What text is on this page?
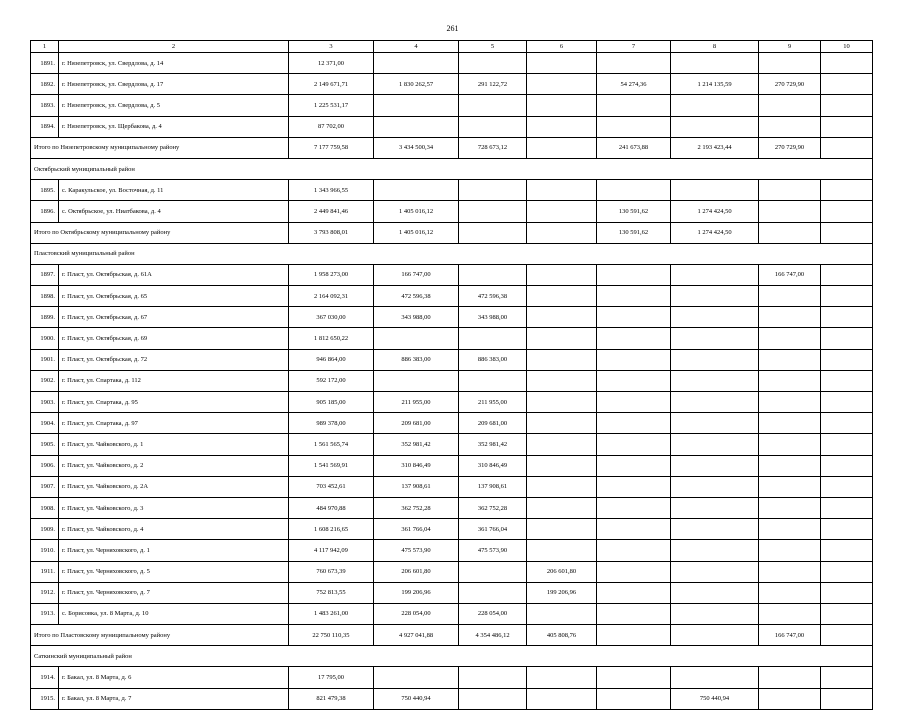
261
1	2	3	4	5	6	7	8	9	10
1891.	г. Нязепетровск, ул. Свердлова, д. 14	12 371,00							
1892.	г. Нязепетровск, ул. Свердлова, д. 17	2 149 671,71	1 830 262,57	291 122,72		54 274,36	1 214 135,59	270 729,90	
1893.	г. Нязепетровск, ул. Свердлова, д. 5	1 225 531,17							
1894.	г. Нязепетровск, ул. Щербакова, д. 4	87 702,00							
Итого по Нязепетровскому муниципальному району		7 177 759,58	3 434 500,34	728 673,12		241 673,88	2 193 423,44	270 729,90	
Октябрьский муниципальный район									
1895.	с. Каракульское, ул. Восточная, д. 11	1 343 966,55							
1896.	с. Октябрьское, ул. Ниатбакова, д. 4	2 449 841,46	1 405 016,12			130 591,62	1 274 424,50		
Итого по Октябрьскому муниципальному району		3 793 808,01	1 405 016,12			130 591,62	1 274 424,50		
Пластовский муниципальный район									
1897.	г. Пласт, ул. Октябрьская, д. 61А	1 958 273,00	166 747,00					166 747,00	
1898.	г. Пласт, ул. Октябрьская, д. 65	2 164 092,31	472 596,38	472 596,38					
1899.	г. Пласт, ул. Октябрьская, д. 67	367 030,00	343 988,00	343 988,00					
1900.	г. Пласт, ул. Октябрьская, д. 69	1 812 650,22							
1901.	г. Пласт, ул. Октябрьская, д. 72	946 864,00	886 383,00	886 383,00					
1902.	г. Пласт, ул. Спартака, д. 112	592 172,00							
1903.	г. Пласт, ул. Спартака, д. 95	905 185,00	211 955,00	211 955,00					
1904.	г. Пласт, ул. Спартака, д. 97	989 378,00	209 681,00	209 681,00					
1905.	г. Пласт, ул. Чайковского, д. 1	1 561 565,74	352 981,42	352 981,42					
1906.	г. Пласт, ул. Чайковского, д. 2	1 541 569,91	310 846,49	310 846,49					
1907.	г. Пласт, ул. Чайковского, д. 2А	703 452,61	137 908,61	137 908,61					
1908.	г. Пласт, ул. Чайковского, д. 3	484 970,88	362 752,28	362 752,28					
1909.	г. Пласт, ул. Чайковского, д. 4	1 608 216,65	361 766,04	361 766,04					
1910.	г. Пласт, ул. Черняховского, д. 1	4 117 942,09	475 573,90	475 573,90					
1911.	г. Пласт, ул. Черняховского, д. 5	760 673,39	206 601,80		206 601,80				
1912.	г. Пласт, ул. Черняховского, д. 7	752 813,55	199 206,96		199 206,96				
1913.	с. Борисовка, ул. 8 Марта, д. 10	1 483 261,00	228 054,00	228 054,00					
Итого по Пластовскому муниципальному району		22 750 110,35	4 927 041,88	4 354 486,12	405 808,76			166 747,00	
Саткинский муниципальный район									
1914.	г. Бакал, ул. 8 Марта, д. 6	17 795,00							
1915.	г. Бакал, ул. 8 Марта, д. 7	821 479,38	750 440,94				750 440,94		
